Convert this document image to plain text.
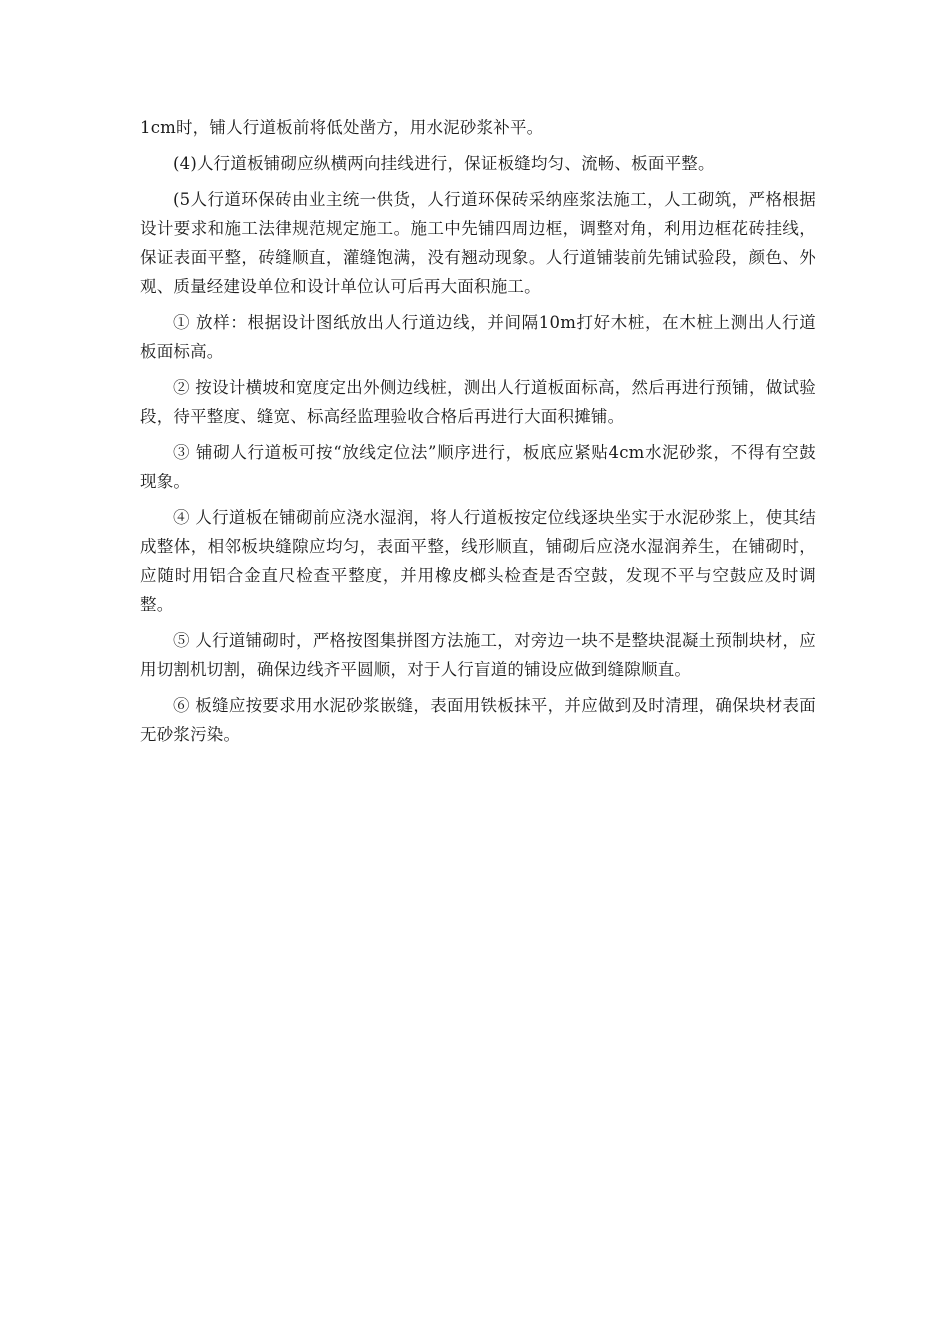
1cm时，铺人行道板前将低处凿方，用水泥砂浆补平。

(4)人行道板铺砌应纵横两向挂线进行，保证板缝均匀、流畅、板面平整。

(5人行道环保砖由业主统一供货，人行道环保砖采纳座浆法施工，人工砌筑，严格根据设计要求和施工法律规范规定施工。施工中先铺四周边框，调整对角，利用边框花砖挂线，保证表面平整，砖缝顺直，灌缝饱满，没有翘动现象。人行道铺装前先铺试验段，颜色、外观、质量经建设单位和设计单位认可后再大面积施工。

① 放样：根据设计图纸放出人行道边线，并间隔10m打好木桩，在木桩上测出人行道板面标高。

② 按设计横坡和宽度定出外侧边线桩，测出人行道板面标高，然后再进行预铺，做试验段，待平整度、缝宽、标高经监理验收合格后再进行大面积摊铺。

③ 铺砌人行道板可按“放线定位法”顺序进行，板底应紧贴4cm水泥砂浆，不得有空鼓现象。

④ 人行道板在铺砌前应浇水湿润，将人行道板按定位线逐块坐实于水泥砂浆上，使其结成整体，相邻板块缝隙应均匀，表面平整，线形顺直，铺砌后应浇水湿润养生，在铺砌时，应随时用铝合金直尺检查平整度，并用橡皮榔头检查是否空鼓，发现不平与空鼓应及时调整。

⑤ 人行道铺砌时，严格按图集拼图方法施工，对旁边一块不是整块混凝土预制块材，应用切割机切割，确保边线齐平圆顺，对于人行盲道的铺设应做到缝隙顺直。

⑥ 板缝应按要求用水泥砂浆嵌缝，表面用铁板抹平，并应做到及时清理，确保块材表面无砂浆污染。
